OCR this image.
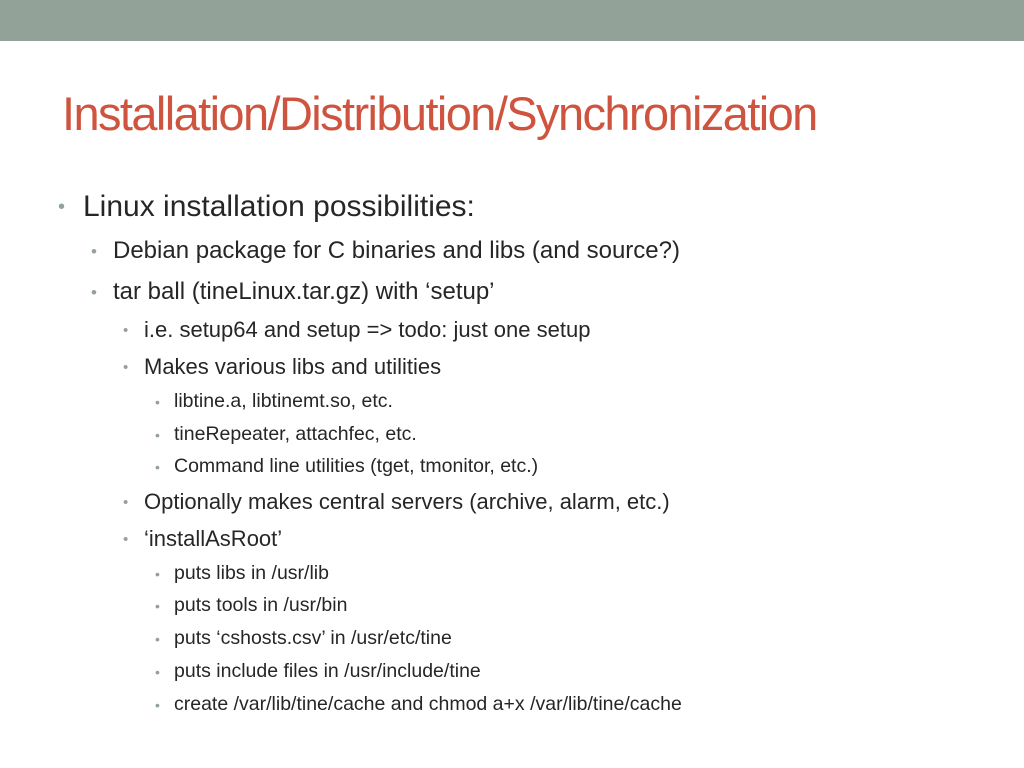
Installation/Distribution/Synchronization
• Linux installation possibilities:
• Debian package for C binaries and libs (and source?)
• tar ball (tineLinux.tar.gz) with ‘setup’
• i.e. setup64 and setup => todo: just one setup
• Makes various libs and utilities
• libtine.a, libtinemt.so, etc.
• tineRepeater, attachfec, etc.
• Command line utilities (tget, tmonitor, etc.)
• Optionally makes central servers (archive, alarm, etc.)
• ‘installAsRoot’
• puts libs in /usr/lib
• puts tools in /usr/bin
• puts ‘cshosts.csv’ in /usr/etc/tine
• puts include files in /usr/include/tine
• create /var/lib/tine/cache and chmod a+x /var/lib/tine/cache
